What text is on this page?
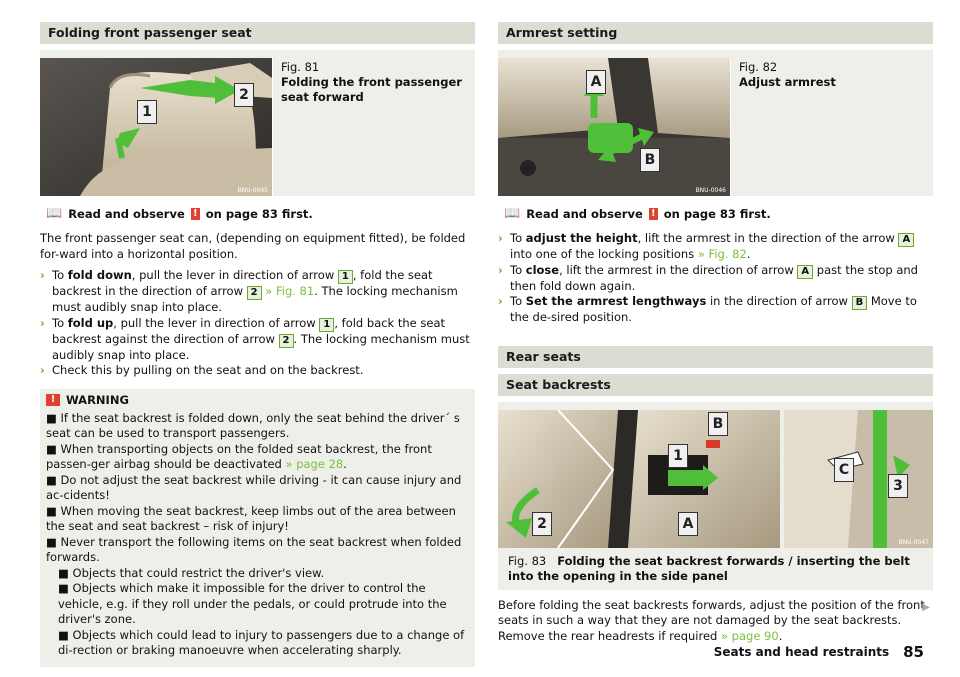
Folding front passenger seat
2
1
BNU-0045
Fig. 81
Folding the front passenger seat forward
📖 Read and observe ! on page 83 first.

The front passenger seat can, (depending on equipment fitted), be folded for-ward into a horizontal position.

› To fold down, pull the lever in direction of arrow 1 , fold the seat backrest in the direction of arrow 2 » Fig. 81. The locking mechanism must audibly snap into place.
› To fold up, pull the lever in direction of arrow 1 , fold back the seat backrest against the direction of arrow 2 . The locking mechanism must audibly snap into place.
› Check this by pulling on the seat and on the backrest.
! WARNING
■ If the seat backrest is folded down, only the seat behind the driver´ s seat can be used to transport passengers.
■ When transporting objects on the folded seat backrest, the front passen-ger airbag should be deactivated » page 28.
■ Do not adjust the seat backrest while driving - it can cause injury and ac-cidents!
■ When moving the seat backrest, keep limbs out of the area between the seat and seat backrest – risk of injury!
■ Never transport the following items on the seat backrest when folded forwards.
■ Objects that could restrict the driver's view.
■ Objects which make it impossible for the driver to control the vehicle, e.g. if they roll under the pedals, or could protrude into the driver's zone.
■ Objects which could lead to injury to passengers due to a change of di-rection or braking manoeuvre when accelerating sharply.
Armrest setting
A
B
BNU-0046
Fig. 82
Adjust armrest
📖 Read and observe ! on page 83 first.
› To adjust the height, lift the armrest in the direction of the arrow A into one of the locking positions » Fig. 82.
› To close, lift the armrest in the direction of arrow A past the stop and then fold down again.
› To Set the armrest lengthways in the direction of arrow B Move to the de-sired position.
Rear seats
Seat backrests
B
1
2	A
C
3
BNU-0047
Fig. 83 Folding the seat backrest forwards / inserting the belt into the opening in the side panel

Before folding the seat backrests forwards, adjust the position of the front seats in such a way that they are not damaged by the seat backrests. Remove the rear headrests if required » page 90.

▶
Seats and head restraints 85
